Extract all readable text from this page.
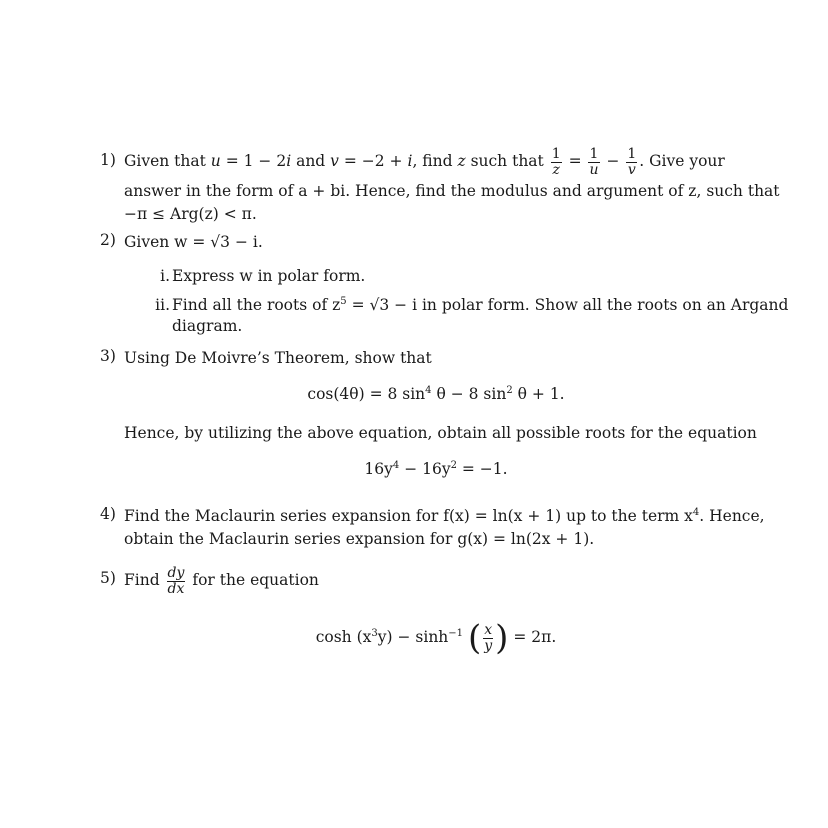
1) Given that u = 1 − 2i and v = −2 + i, find z such that $\frac{1}{z} = \frac{1}{u} - \frac{1}{v}$ . Give your
answer in the form of a + bi. Hence, find the modulus and argument of z, such that
−π ≤ Arg(z) < π.
2) Given w = √3 − i.
i. Express w in polar form.
ii. Find all the roots of $z^5 = √3 - i$ in polar form. Show all the roots on an Argand
diagram.
3) Using De Moivre’s Theorem, show that
cos(4θ) = 8 $\sin^4 \theta - 8$ $\sin^2 \theta + 1$.
Hence, by utilizing the above equation, obtain all possible roots for the equation
$16y^4 - 16y^2 = -1$.
4) Find the Maclaurin series expansion for f(x) = ln(x + 1) up to the term $x^4$. Hence,
obtain the Maclaurin series expansion for g(x) = ln(2x + 1).
5) Find $\frac{dy}{dx}$ for the equation
$\cosh (x^3y) - \sinh^{-1}$ ( $\frac{x}{y}$ ) = 2π.
